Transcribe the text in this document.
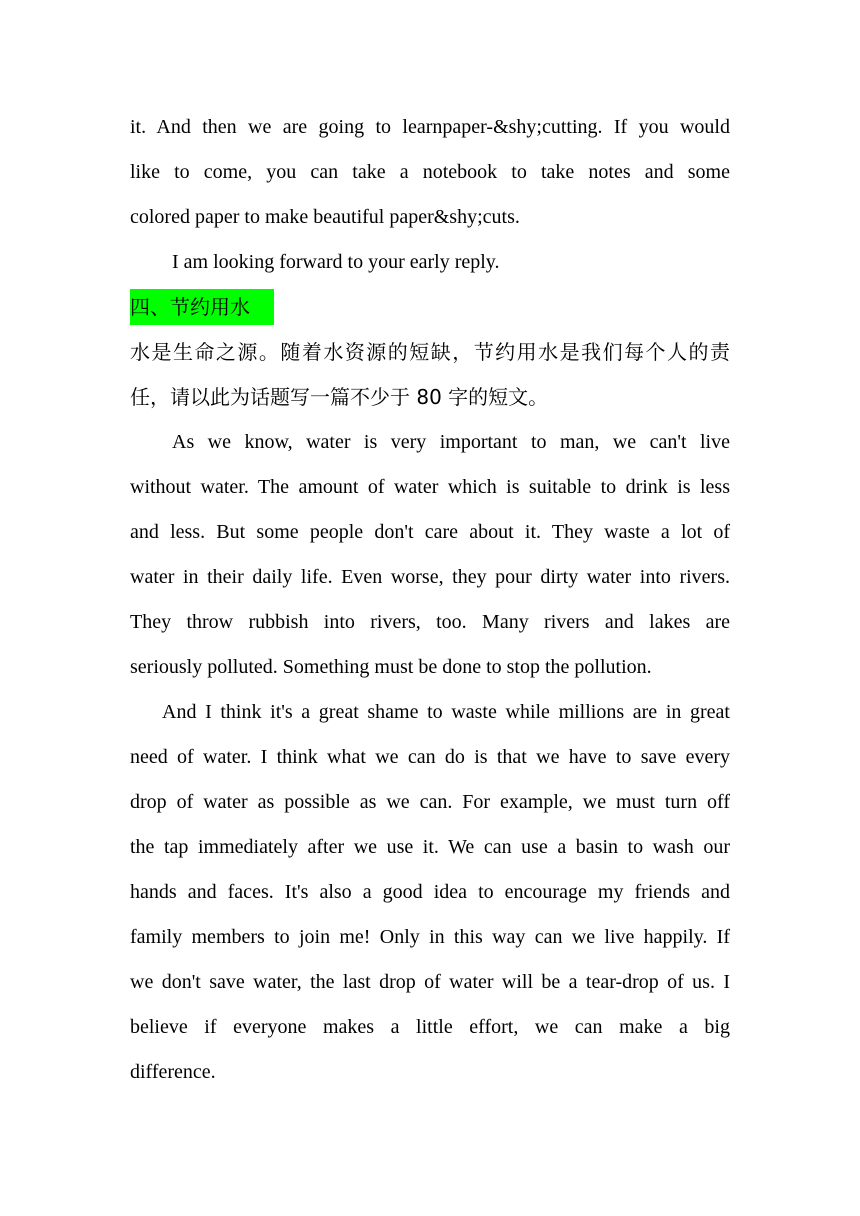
it. And then we are going to learnpaper-&shy;cutting. If you would
like to come, you can take a notebook to take notes and some
colored paper to make beautiful paper&shy;cuts.
I am looking forward to your early reply.
四、节约用水
水是生命之源。随着水资源的短缺，节约用水是我们每个人的责
任，请以此为话题写一篇不少于 80 字的短文。
As we know, water is very important to man, we can't live
without water. The amount of water which is suitable to drink is less
and less. But some people don't care about it. They waste a lot of
water in their daily life. Even worse, they pour dirty water into rivers.
They throw rubbish into rivers, too. Many rivers and lakes are
seriously polluted. Something must be done to stop the pollution.
And I think it's a great shame to waste while millions are in great
need of water. I think what we can do is that we have to save every
drop of water as possible as we can. For example, we must turn off
the tap immediately after we use it. We can use a basin to wash our
hands and faces. It's also a good idea to encourage my friends and
family members to join me! Only in this way can we live happily. If
we don't save water, the last drop of water will be a tear-drop of us. I
believe if everyone makes a little effort, we can make a big
difference.
